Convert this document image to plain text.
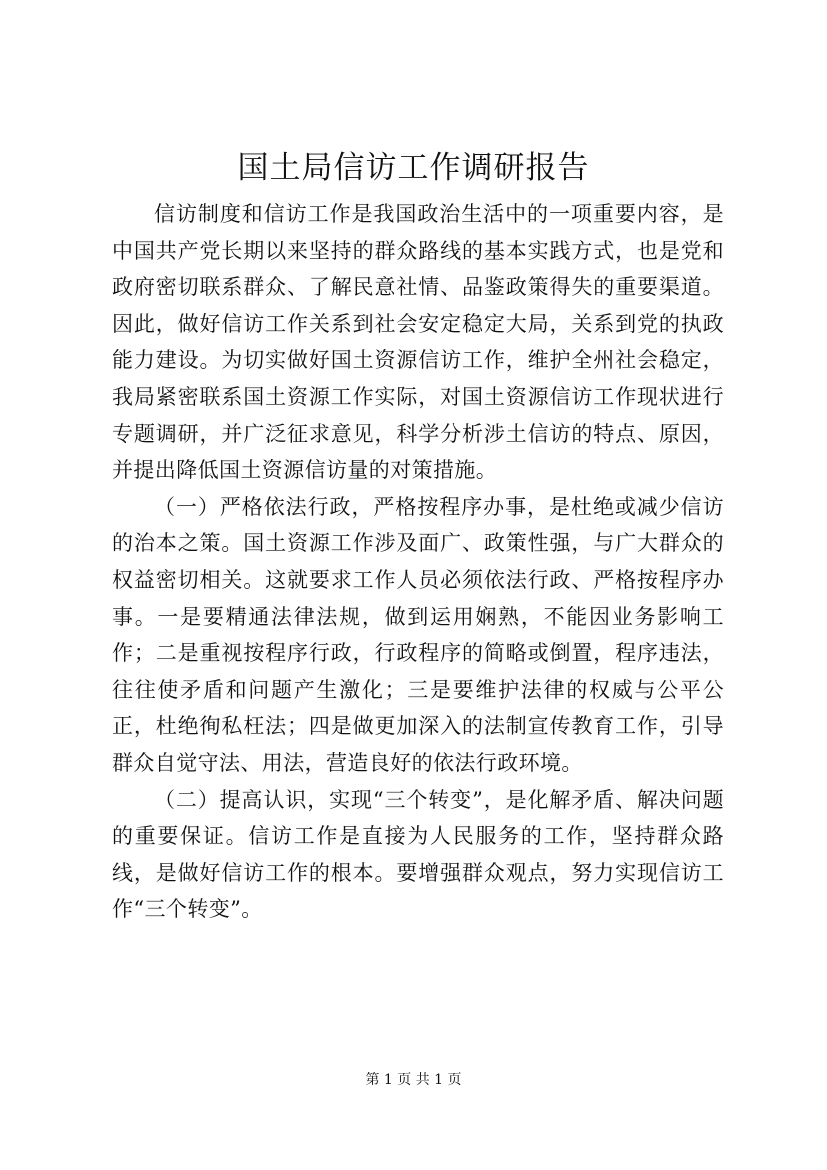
国土局信访工作调研报告

信访制度和信访工作是我国政治生活中的一项重要内容，是中国共产党长期以来坚持的群众路线的基本实践方式，也是党和政府密切联系群众、了解民意社情、品鉴政策得失的重要渠道。因此，做好信访工作关系到社会安定稳定大局，关系到党的执政能力建设。为切实做好国土资源信访工作，维护全州社会稳定，我局紧密联系国土资源工作实际，对国土资源信访工作现状进行专题调研，并广泛征求意见，科学分析涉土信访的特点、原因，并提出降低国土资源信访量的对策措施。

（一）严格依法行政，严格按程序办事，是杜绝或减少信访的治本之策。国土资源工作涉及面广、政策性强，与广大群众的权益密切相关。这就要求工作人员必须依法行政、严格按程序办事。一是要精通法律法规，做到运用娴熟，不能因业务影响工作；二是重视按程序行政，行政程序的简略或倒置，程序违法，往往使矛盾和问题产生激化；三是要维护法律的权威与公平公正，杜绝徇私枉法；四是做更加深入的法制宣传教育工作，引导群众自觉守法、用法，营造良好的依法行政环境。

（二）提高认识，实现“三个转变”，是化解矛盾、解决问题的重要保证。信访工作是直接为人民服务的工作，坚持群众路线，是做好信访工作的根本。要增强群众观点，努力实现信访工作“三个转变”。

第 1 页 共 1 页
